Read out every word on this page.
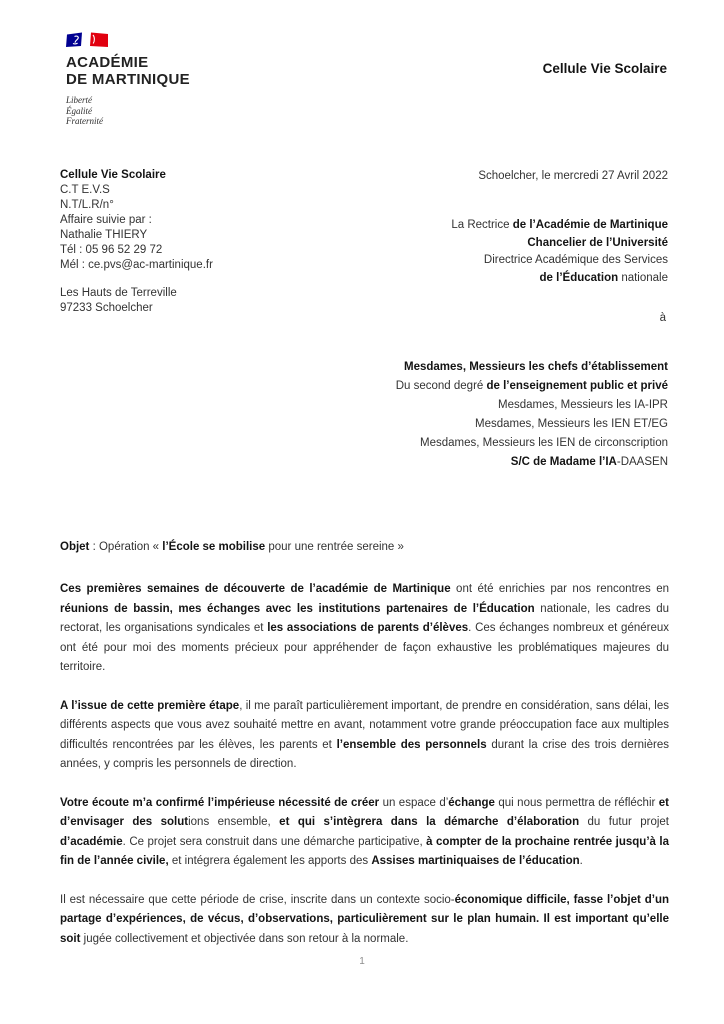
ACADÉMIE
DE MARTINIQUE
Liberté
Égalité
Fraternité
Cellule Vie Scolaire
Cellule Vie Scolaire
C.T E.V.S
N.T/L.R/n°
Affaire suivie par :
Nathalie THIERY
Tél : 05 96 52 29 72
Mél : ce.pvs@ac-martinique.fr
Les Hauts de Terreville
97233 Schoelcher
Schoelcher, le mercredi 27 Avril 2022
La Rectrice de l’Académie de Martinique
Chancelier de l’Université
Directrice Académique des Services
de l’Éducation nationale
à
Mesdames, Messieurs les chefs d’établissement
Du second degré de l’enseignement public et privé
Mesdames, Messieurs les IA-IPR
Mesdames, Messieurs les IEN ET/EG
Mesdames, Messieurs les IEN de circonscription
S/C de Madame l’IA-DAASEN
Objet : Opération « l’École se mobilise pour une rentrée sereine »

Ces premières semaines de découverte de l’académie de Martinique ont été enrichies par nos rencontres en réunions de bassin, mes échanges avec les institutions partenaires de l’Éducation nationale, les cadres du rectorat, les organisations syndicales et les associations de parents d’élèves. Ces échanges nombreux et généreux ont été pour moi des moments précieux pour appréhender de façon exhaustive les problématiques majeures du territoire.

A l’issue de cette première étape, il me paraît particulièrement important, de prendre en considération, sans délai, les différents aspects que vous avez souhaité mettre en avant, notamment votre grande préoccupation face aux multiples difficultés rencontrées par les élèves, les parents et l’ensemble des personnels durant la crise des trois dernières années, y compris les personnels de direction.

Votre écoute m’a confirmé l’impérieuse nécessité de créer un espace d’échange qui nous permettra de réfléchir et d’envisager des solutions ensemble, et qui s’intègrera dans la démarche d’élaboration du futur projet d’académie. Ce projet sera construit dans une démarche participative, à compter de la prochaine rentrée jusqu’à la fin de l’année civile, et intégrera également les apports des Assises martiniquaises de l’éducation.

Il est nécessaire que cette période de crise, inscrite dans un contexte socio-économique difficile, fasse l’objet d’un partage d’expériences, de vécus, d’observations, particulièrement sur le plan humain. Il est important qu’elle soit jugée collectivement et objectivée dans son retour à la normale.

1
